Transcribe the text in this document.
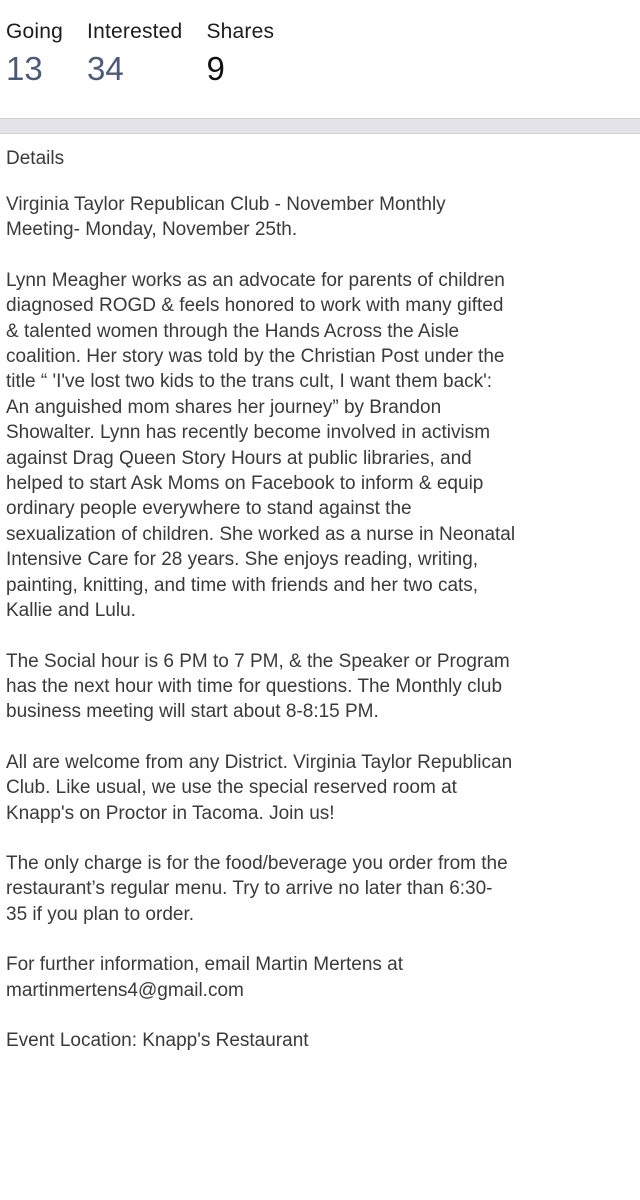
Going
13
Interested
34
Shares
9
Details

Virginia Taylor Republican Club - November Monthly
Meeting- Monday, November 25th.

Lynn Meagher works as an advocate for parents of children
diagnosed ROGD & feels honored to work with many gifted
& talented women through the Hands Across the Aisle
coalition. Her story was told by the Christian Post under the
title “ 'I've lost two kids to the trans cult, I want them back':
An anguished mom shares her journey” by Brandon
Showalter. Lynn has recently become involved in activism
against Drag Queen Story Hours at public libraries, and
helped to start Ask Moms on Facebook to inform & equip
ordinary people everywhere to stand against the
sexualization of children. She worked as a nurse in Neonatal
Intensive Care for 28 years. She enjoys reading, writing,
painting, knitting, and time with friends and her two cats,
Kallie and Lulu.

The Social hour is 6 PM to 7 PM, & the Speaker or Program
has the next hour with time for questions. The Monthly club
business meeting will start about 8-8:15 PM.

All are welcome from any District. Virginia Taylor Republican
Club. Like usual, we use the special reserved room at
Knapp's on Proctor in Tacoma. Join us!

The only charge is for the food/beverage you order from the
restaurant’s regular menu. Try to arrive no later than 6:30-
35 if you plan to order.

For further information, email Martin Mertens at
martinmertens4@gmail.com

Event Location: Knapp's Restaurant
